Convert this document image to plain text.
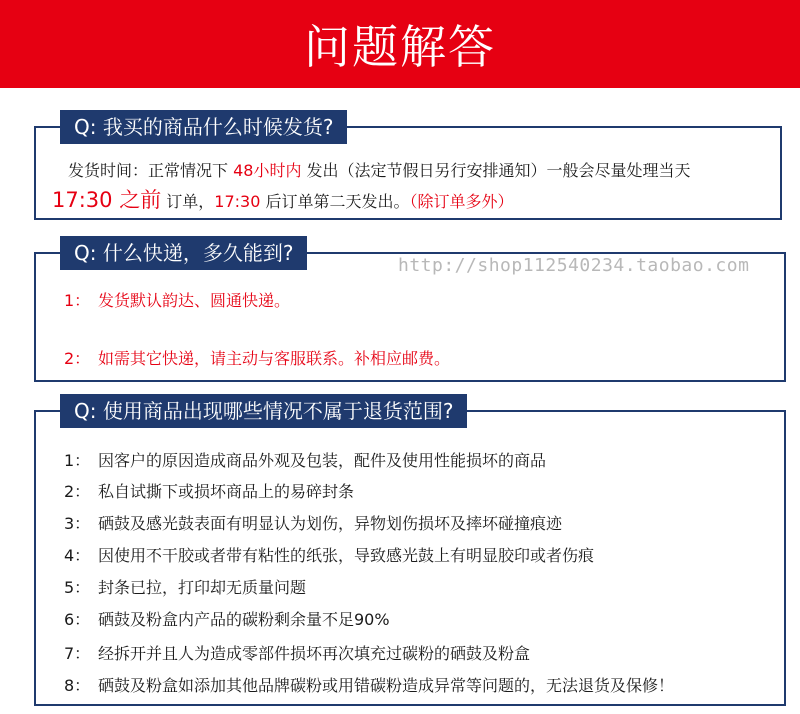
问题解答
Q: 我买的商品什么时候发货?
发货时间：正常情况下 48小时内 发出（法定节假日另行安排通知）一般会尽量处理当天
17:30 之前 订单，17:30 后订单第二天发出。（除订单多外）
Q: 什么快递，多久能到?
http://shop112540234.taobao.com
1： 发货默认韵达、圆通快递。
2： 如需其它快递，请主动与客服联系。补相应邮费。
Q: 使用商品出现哪些情况不属于退货范围?
1： 因客户的原因造成商品外观及包装，配件及使用性能损坏的商品
2： 私自试撕下或损坏商品上的易碎封条
3： 硒鼓及感光鼓表面有明显认为划伤，异物划伤损坏及摔坏碰撞痕迹
4： 因使用不干胶或者带有粘性的纸张，导致感光鼓上有明显胶印或者伤痕
5： 封条已拉，打印却无质量问题
6： 硒鼓及粉盒内产品的碳粉剩余量不足90%
7： 经拆开并且人为造成零部件损坏再次填充过碳粉的硒鼓及粉盒
8： 硒鼓及粉盒如添加其他品牌碳粉或用错碳粉造成异常等问题的，无法退货及保修！
